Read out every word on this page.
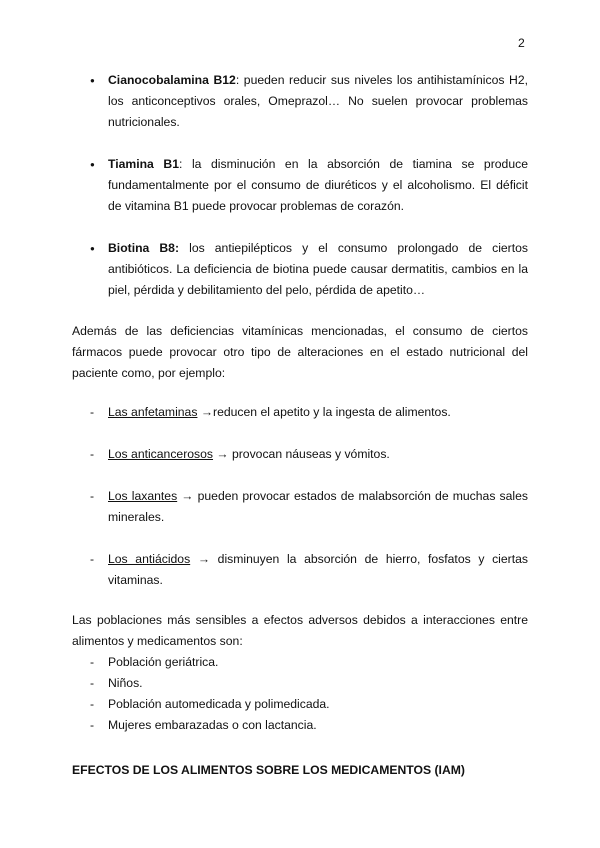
2
● Cianocobalamina B12: pueden reducir sus niveles los antihistamínicos H2, los anticonceptivos orales, Omeprazol… No suelen provocar problemas nutricionales.
● Tiamina B1: la disminución en la absorción de tiamina se produce fundamentalmente por el consumo de diuréticos y el alcoholismo. El déficit de vitamina B1 puede provocar problemas de corazón.
● Biotina B8: los antiepilépticos y el consumo prolongado de ciertos antibióticos. La deficiencia de biotina puede causar dermatitis, cambios en la piel, pérdida y debilitamiento del pelo, pérdida de apetito…

Además de las deficiencias vitamínicas mencionadas, el consumo de ciertos fármacos puede provocar otro tipo de alteraciones en el estado nutricional del paciente como, por ejemplo:

- Las anfetaminas →reducen el apetito y la ingesta de alimentos.
- Los anticancerosos → provocan náuseas y vómitos.
- Los laxantes → pueden provocar estados de malabsorción de muchas sales minerales.
- Los antiácidos → disminuyen la absorción de hierro, fosfatos y ciertas vitaminas.

Las poblaciones más sensibles a efectos adversos debidos a interacciones entre alimentos y medicamentos son:

- Población geriátrica.
- Niños.
- Población automedicada y polimedicada.
- Mujeres embarazadas o con lactancia.
EFECTOS DE LOS ALIMENTOS SOBRE LOS MEDICAMENTOS (IAM)
